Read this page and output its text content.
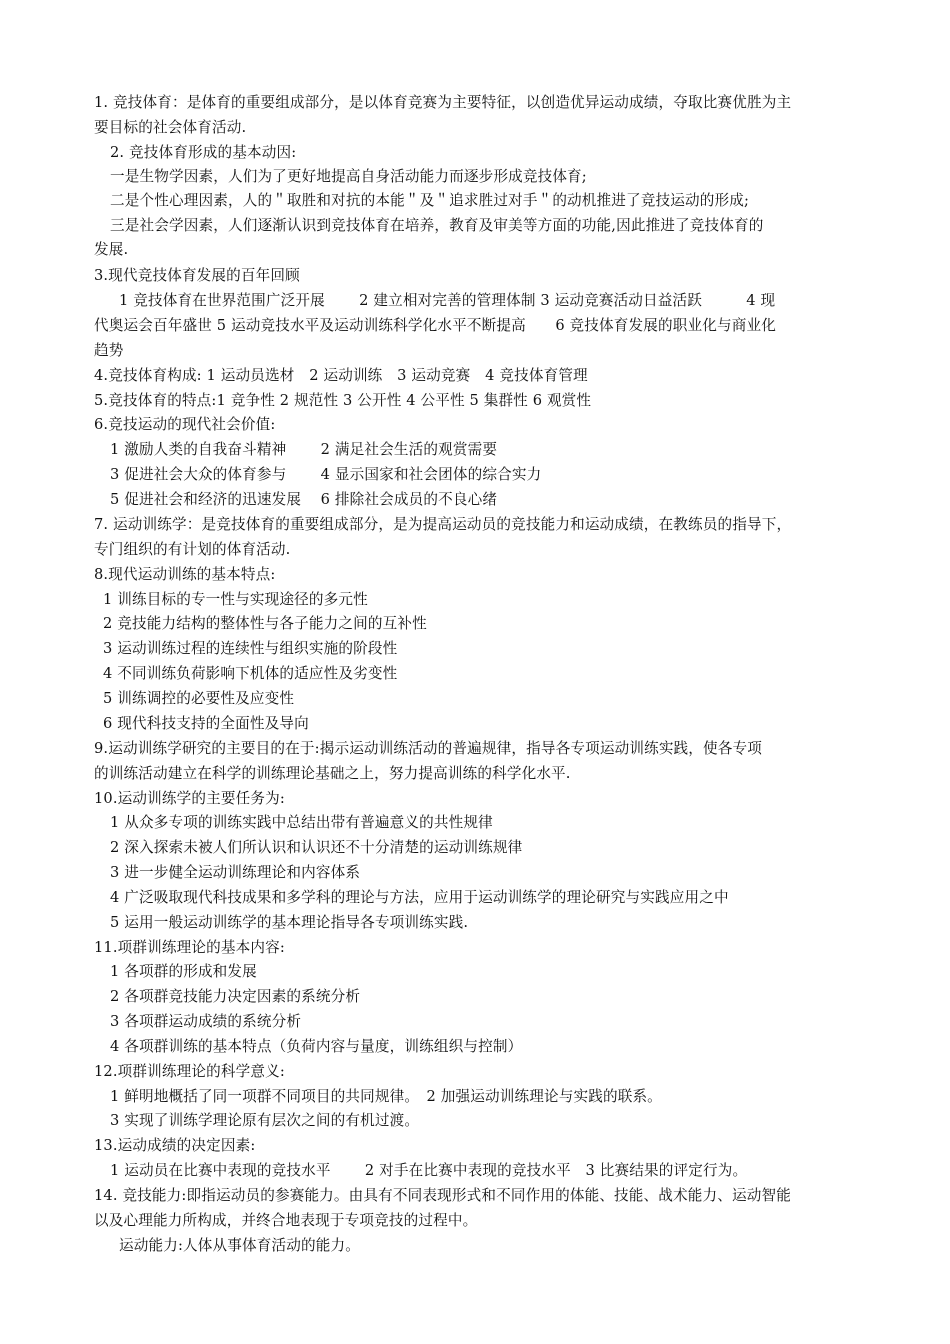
1. 竞技体育：是体育的重要组成部分，是以体育竞赛为主要特征，以创造优异运动成绩，夺取比赛优胜为主
要目标的社会体育活动.
2. 竞技体育形成的基本动因:
一是生物学因素，人们为了更好地提高自身活动能力而逐步形成竞技体育;
二是个性心理因素，人的＂取胜和对抗的本能＂及＂追求胜过对手＂的动机推进了竞技运动的形成;
三是社会学因素，人们逐渐认识到竞技体育在培养，教育及审美等方面的功能,因此推进了竞技体育的
发展.
3.现代竞技体育发展的百年回顾
1 竞技体育在世界范围广泛开展　　 2 建立相对完善的管理体制 3 运动竞赛活动日益活跃　　　4 现
代奥运会百年盛世 5 运动竞技水平及运动训练科学化水平不断提高　　6 竞技体育发展的职业化与商业化
趋势
4.竞技体育构成: 1 运动员选材　2 运动训练　3 运动竞赛　4 竞技体育管理
5.竞技体育的特点:1 竞争性 2 规范性 3 公开性 4 公平性 5 集群性 6 观赏性
6.竞技运动的现代社会价值:
1 激励人类的自我奋斗精神　　 2 满足社会生活的观赏需要
3 促进社会大众的体育参与　　 4 显示国家和社会团体的综合实力
5 促进社会和经济的迅速发展　 6 排除社会成员的不良心绪
7. 运动训练学：是竞技体育的重要组成部分，是为提高运动员的竞技能力和运动成绩，在教练员的指导下，
专门组织的有计划的体育活动.
8.现代运动训练的基本特点:
1 训练目标的专一性与实现途径的多元性
2 竞技能力结构的整体性与各子能力之间的互补性
3 运动训练过程的连续性与组织实施的阶段性
4 不同训练负荷影响下机体的适应性及劣变性
5 训练调控的必要性及应变性
6 现代科技支持的全面性及导向
9.运动训练学研究的主要目的在于:揭示运动训练活动的普遍规律，指导各专项运动训练实践，使各专项
的训练活动建立在科学的训练理论基础之上，努力提高训练的科学化水平.
10.运动训练学的主要任务为:
1 从众多专项的训练实践中总结出带有普遍意义的共性规律
2 深入探索未被人们所认识和认识还不十分清楚的运动训练规律
3 进一步健全运动训练理论和内容体系
4 广泛吸取现代科技成果和多学科的理论与方法，应用于运动训练学的理论研究与实践应用之中
5 运用一般运动训练学的基本理论指导各专项训练实践.
11.项群训练理论的基本内容:
1 各项群的形成和发展
2 各项群竞技能力决定因素的系统分析
3 各项群运动成绩的系统分析
4 各项群训练的基本特点（负荷内容与量度，训练组织与控制）
12.项群训练理论的科学意义:
1 鲜明地概括了同一项群不同项目的共同规律。　2 加强运动训练理论与实践的联系。
3 实现了训练学理论原有层次之间的有机过渡。
13.运动成绩的决定因素:
1 运动员在比赛中表现的竞技水平　　 2 对手在比赛中表现的竞技水平　3 比赛结果的评定行为。
14. 竞技能力:即指运动员的参赛能力。由具有不同表现形式和不同作用的体能、技能、战术能力、运动智能
以及心理能力所构成，并终合地表现于专项竞技的过程中。
运动能力:人体从事体育活动的能力。
